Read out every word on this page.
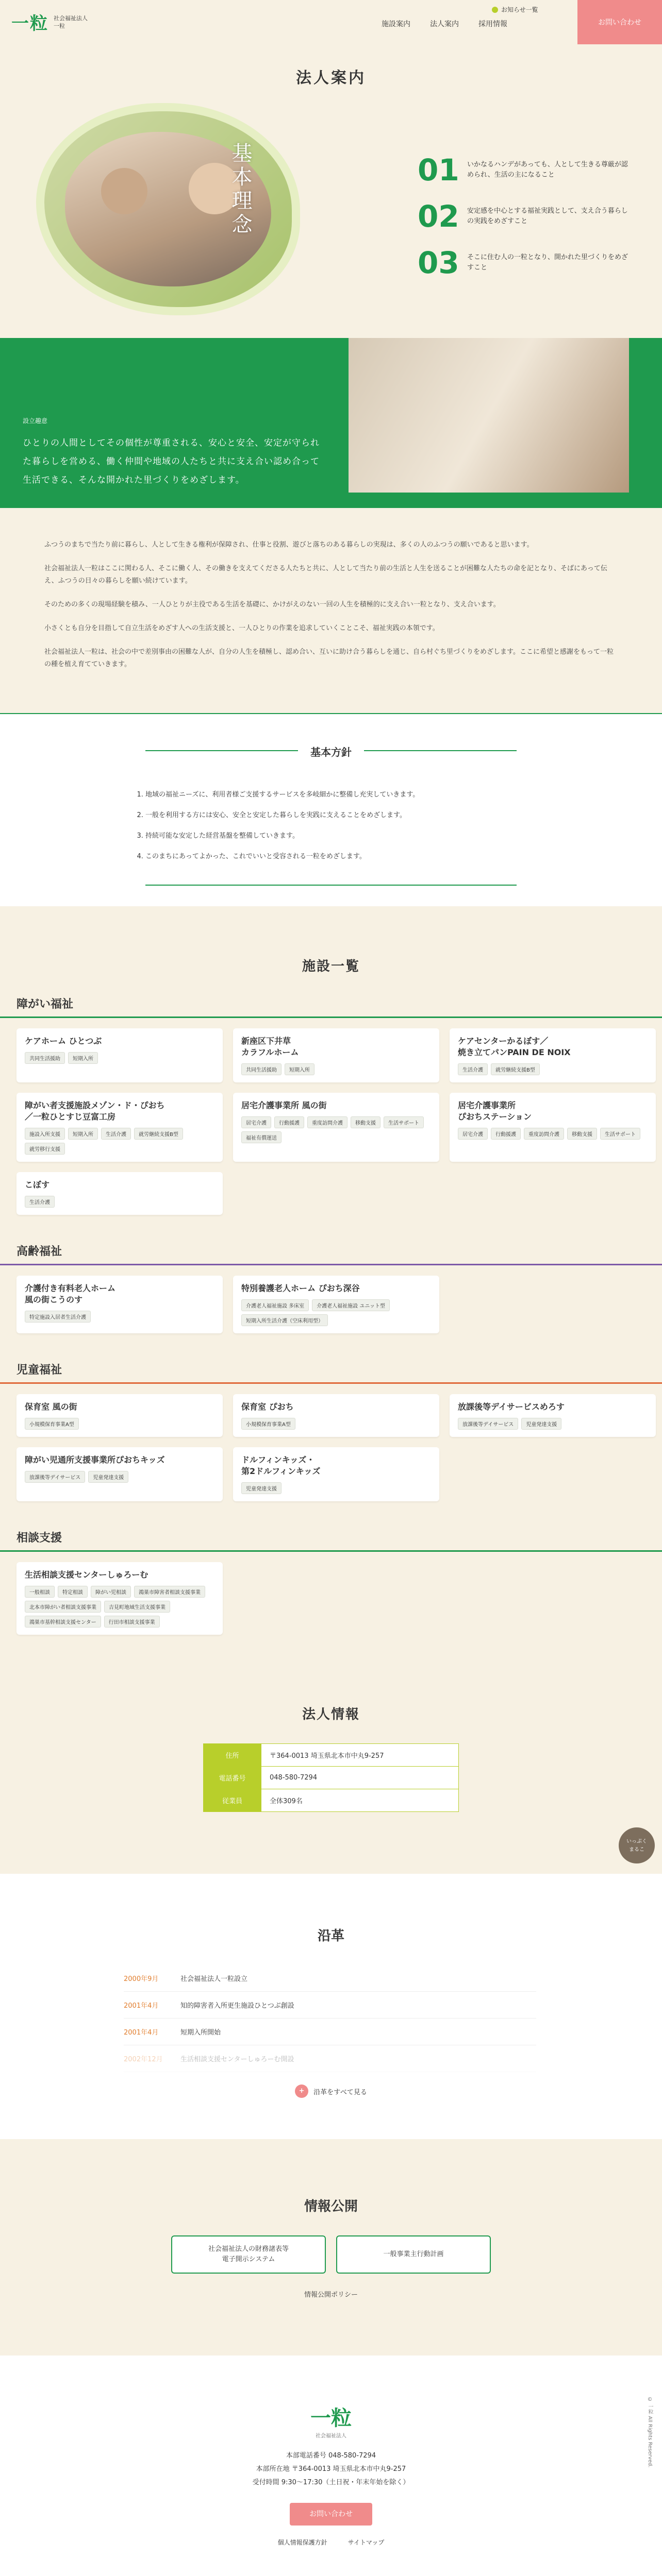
一粒 社会福祉法人
一粒
お知らせ一覧
施設案内	法人案内	採用情報	お問い合わせ
法人案内
基本理念	01 いかなるハンデがあっても、人として生きる尊厳が認められ、生活の主になること
02 安定感を中心とする福祉実践として、支え合う暮らしの実践をめざすこと
03 そこに住む人の一粒となり、開かれた里づくりをめざすこと
設立趣意
ひとりの人間としてその個性が尊重される、安心と安全、安定が守られた暮らしを営める、働く仲間や地域の人たちと共に支え合い認め合って生活できる、そんな開かれた里づくりをめざします。

ふつうのまちで当たり前に暮らし、人として生きる権利が保障され、仕事と役割、遊びと落ちのある暮らしの実現は、多くの人のふつうの願いであると思います。

社会福祉法人一粒はここに関わる人、そこに働く人、その働きを支えてくださる人たちと共に、人として当たり前の生活と人生を送ることが困難な人たちの命を記となり、そばにあって伝え、ふつうの日々の暮らしを願い続けています。

そのための多くの現場経験を積み、一人ひとりが主役である生活を基礎に、かけがえのない一回の人生を積極的に支え合い一粒となり、支え合います。

小さくとも自分を目指して自立生活をめざす人への生活支援と、一人ひとりの作業を追求していくことこそ、福祉実践の本領です。

社会福祉法人一粒は、社会の中で差別事由の困難な人が、自分の人生を積極し、認め合い、互いに助け合う暮らしを通じ、自ら村ぐち里づくりをめざします。ここに希望と感謝をもって一粒の種を植え育てていきます。

基本方針
1. 地域の福祉ニーズに、利用者様ご支援するサービスを多岐細かに整備し充実していきます。
2. 一般を利用する方には安心、安全と安定した暮らしを実践に支えることをめざします。
3. 持続可能な安定した経営基盤を整備していきます。
4. このまちにあってよかった、これでいいと受容される一粒をめざします。
施設一覧
障がい福祉
ケアホーム ひとつぶ
共同生活援助	短期入所
新座区下井草
カラフルホーム
共同生活援助	短期入所
ケアセンターかるぼす／
焼き立てパンPAIN DE NOIX
生活介護	就労継続支援B型
障がい者支援施設メゾン・ド・ぴおち
／一粒ひとすじ豆富工房
施設入所支援	短期入所	生活介護	就労継続支援B型
就労移行支援
居宅介護事業所 風の街
居宅介護	行動援護	重度訪問介護	移動支援	生活サポート
福祉有償運送
居宅介護事業所
ぴおちステーション
居宅介護	行動援護	重度訪問介護	移動支援	生活サポート
こぼす
生活介護
高齢福祉
介護付き有料老人ホーム
風の街こうのす
特定施設入居者生活介護
特別養護老人ホーム ぴおち深谷
介護老人福祉施設 多床室	介護老人福祉施設 ユニット型
短期入所生活介護（空床利用型）
児童福祉
保育室 風の街
小規模保育事業A型
保育室 ぴおち
小規模保育事業A型
放課後等デイサービスめろす
放課後等デイサービス	児童発達支援
障がい児通所支援事業所ぴおちキッズ
放課後等デイサービス	児童発達支援
ドルフィンキッズ・
第2ドルフィンキッズ
児童発達支援
相談支援
生活相談支援センターしゅろーむ
一般相談	特定相談	障がい児相談	鴻巣市障害者相談支援事業
北本市障がい者相談支援事業	吉見町地域生活支援事業
鴻巣市基幹相談支援センター	行田市相談支援事業
法人情報
住所	〒364-0013 埼玉県北本市中丸9-257
電話番号	048-580-7294
従業員	全体309名
いっぷく
まるこ
沿革
2000年9月	社会福祉法人一粒設立
2001年4月	知的障害者入所更生施設ひとつぶ創設
2001年4月	短期入所開始
2002年12月	生活相談支援センターしゅろーむ開設
+	沿革をすべて見る
情報公開
社会福祉法人の財務諸表等
電子開示システム
一般事業主行動計画
情報公開ポリシー
一粒
社会福祉法人
本部電話番号 048-580-7294
本部所在地 〒364-0013 埼玉県北本市中丸9-257
受付時間 9:30〜17:30（土日祝・年末年始を除く）
お問い合わせ
個人情報保護方針	サイトマップ
© 一粒 All Rights Reserved.
